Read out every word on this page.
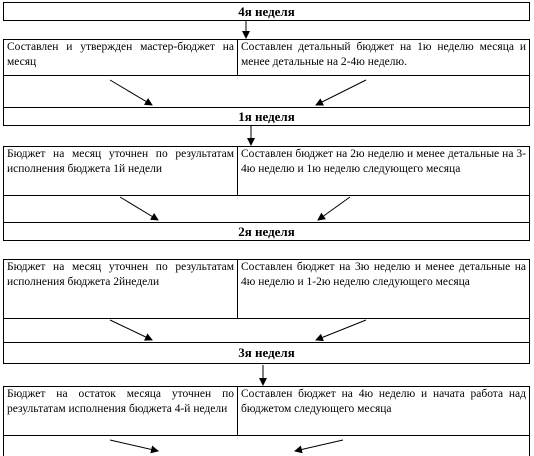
4я неделя
Составлен и утвержден мастер-бюджет на месяц
Составлен детальный бюджет на 1ю неделю месяца и менее детальные на 2-4ю неделю.
1я неделя
Бюджет на месяц уточнен по результатам исполнения бюджета 1й недели
Составлен бюджет на 2ю неделю и менее детальные на 3-4ю неделю и 1ю неделю следующего месяца
2я неделя
Бюджет на месяц уточнен по результатам исполнения бюджета 2йнедели
Составлен бюджет на 3ю неделю и менее детальные на 4ю неделю и 1-2ю неделю следующего месяца
3я неделя
Бюджет на остаток месяца уточнен по результатам исполнения бюджета 4-й недели
Составлен бюджет на 4ю неделю и начата работа над бюджетом следующего месяца
